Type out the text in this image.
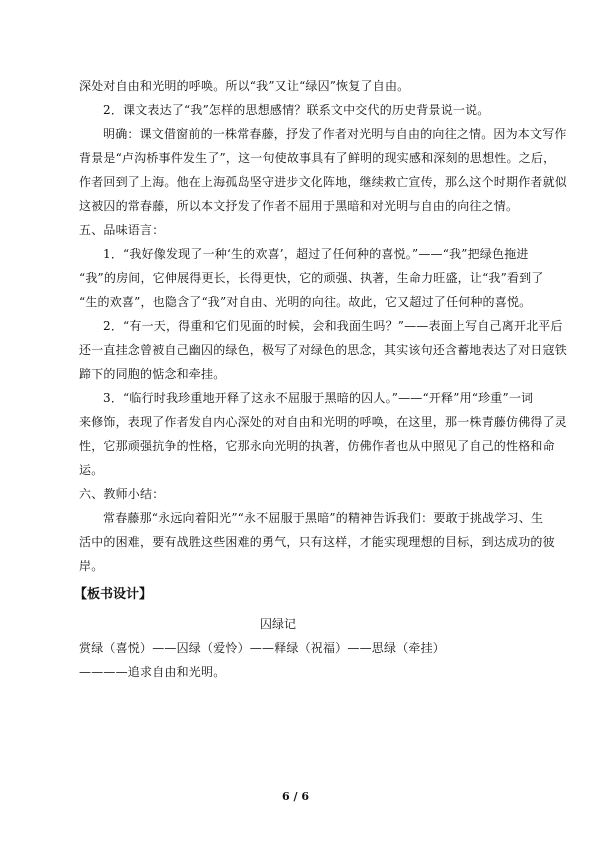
深处对自由和光明的呼唤。所以“我”又让“绿囚”恢复了自由。
2．课文表达了“我”怎样的思想感情？联系文中交代的历史背景说一说。
明确：课文借窗前的一株常春藤，抒发了作者对光明与自由的向往之情。因为本文写作
背景是“卢沟桥事件发生了”，这一句使故事具有了鲜明的现实感和深刻的思想性。之后，
作者回到了上海。他在上海孤岛坚守进步文化阵地，继续救亡宣传，那么这个时期作者就似
这被囚的常春藤，所以本文抒发了作者不屈用于黑暗和对光明与自由的向往之情。
五、品味语言：
1．“我好像发现了一种‘生的欢喜’，超过了任何种的喜悦。”——“我”把绿色拖进
“我”的房间，它伸展得更长，长得更快，它的顽强、执著，生命力旺盛，让“我”看到了
“生的欢喜”，也隐含了“我”对自由、光明的向往。故此，它又超过了任何种的喜悦。
2．“有一天，得重和它们见面的时候，会和我面生吗？”——表面上写自己离开北平后
还一直挂念曾被自己幽囚的绿色，极写了对绿色的思念，其实该句还含蓄地表达了对日寇铁
蹄下的同胞的惦念和牵挂。
3．“临行时我珍重地开释了这永不屈服于黑暗的囚人。”——“开释”用“珍重”一词
来修饰，表现了作者发自内心深处的对自由和光明的呼唤，在这里，那一株青藤仿佛得了灵
性，它那顽强抗争的性格，它那永向光明的执著，仿佛作者也从中照见了自己的性格和命
运。
六、教师小结：
常春藤那“永远向着阳光”“永不屈服于黑暗”的精神告诉我们：要敢于挑战学习、生
活中的困难，要有战胜这些困难的勇气，只有这样，才能实现理想的目标，到达成功的彼
岸。
【板书设计】
囚绿记
赏绿（喜悦）——囚绿（爱怜）——释绿（祝福）——思绿（牵挂）
————追求自由和光明。
6 / 6
